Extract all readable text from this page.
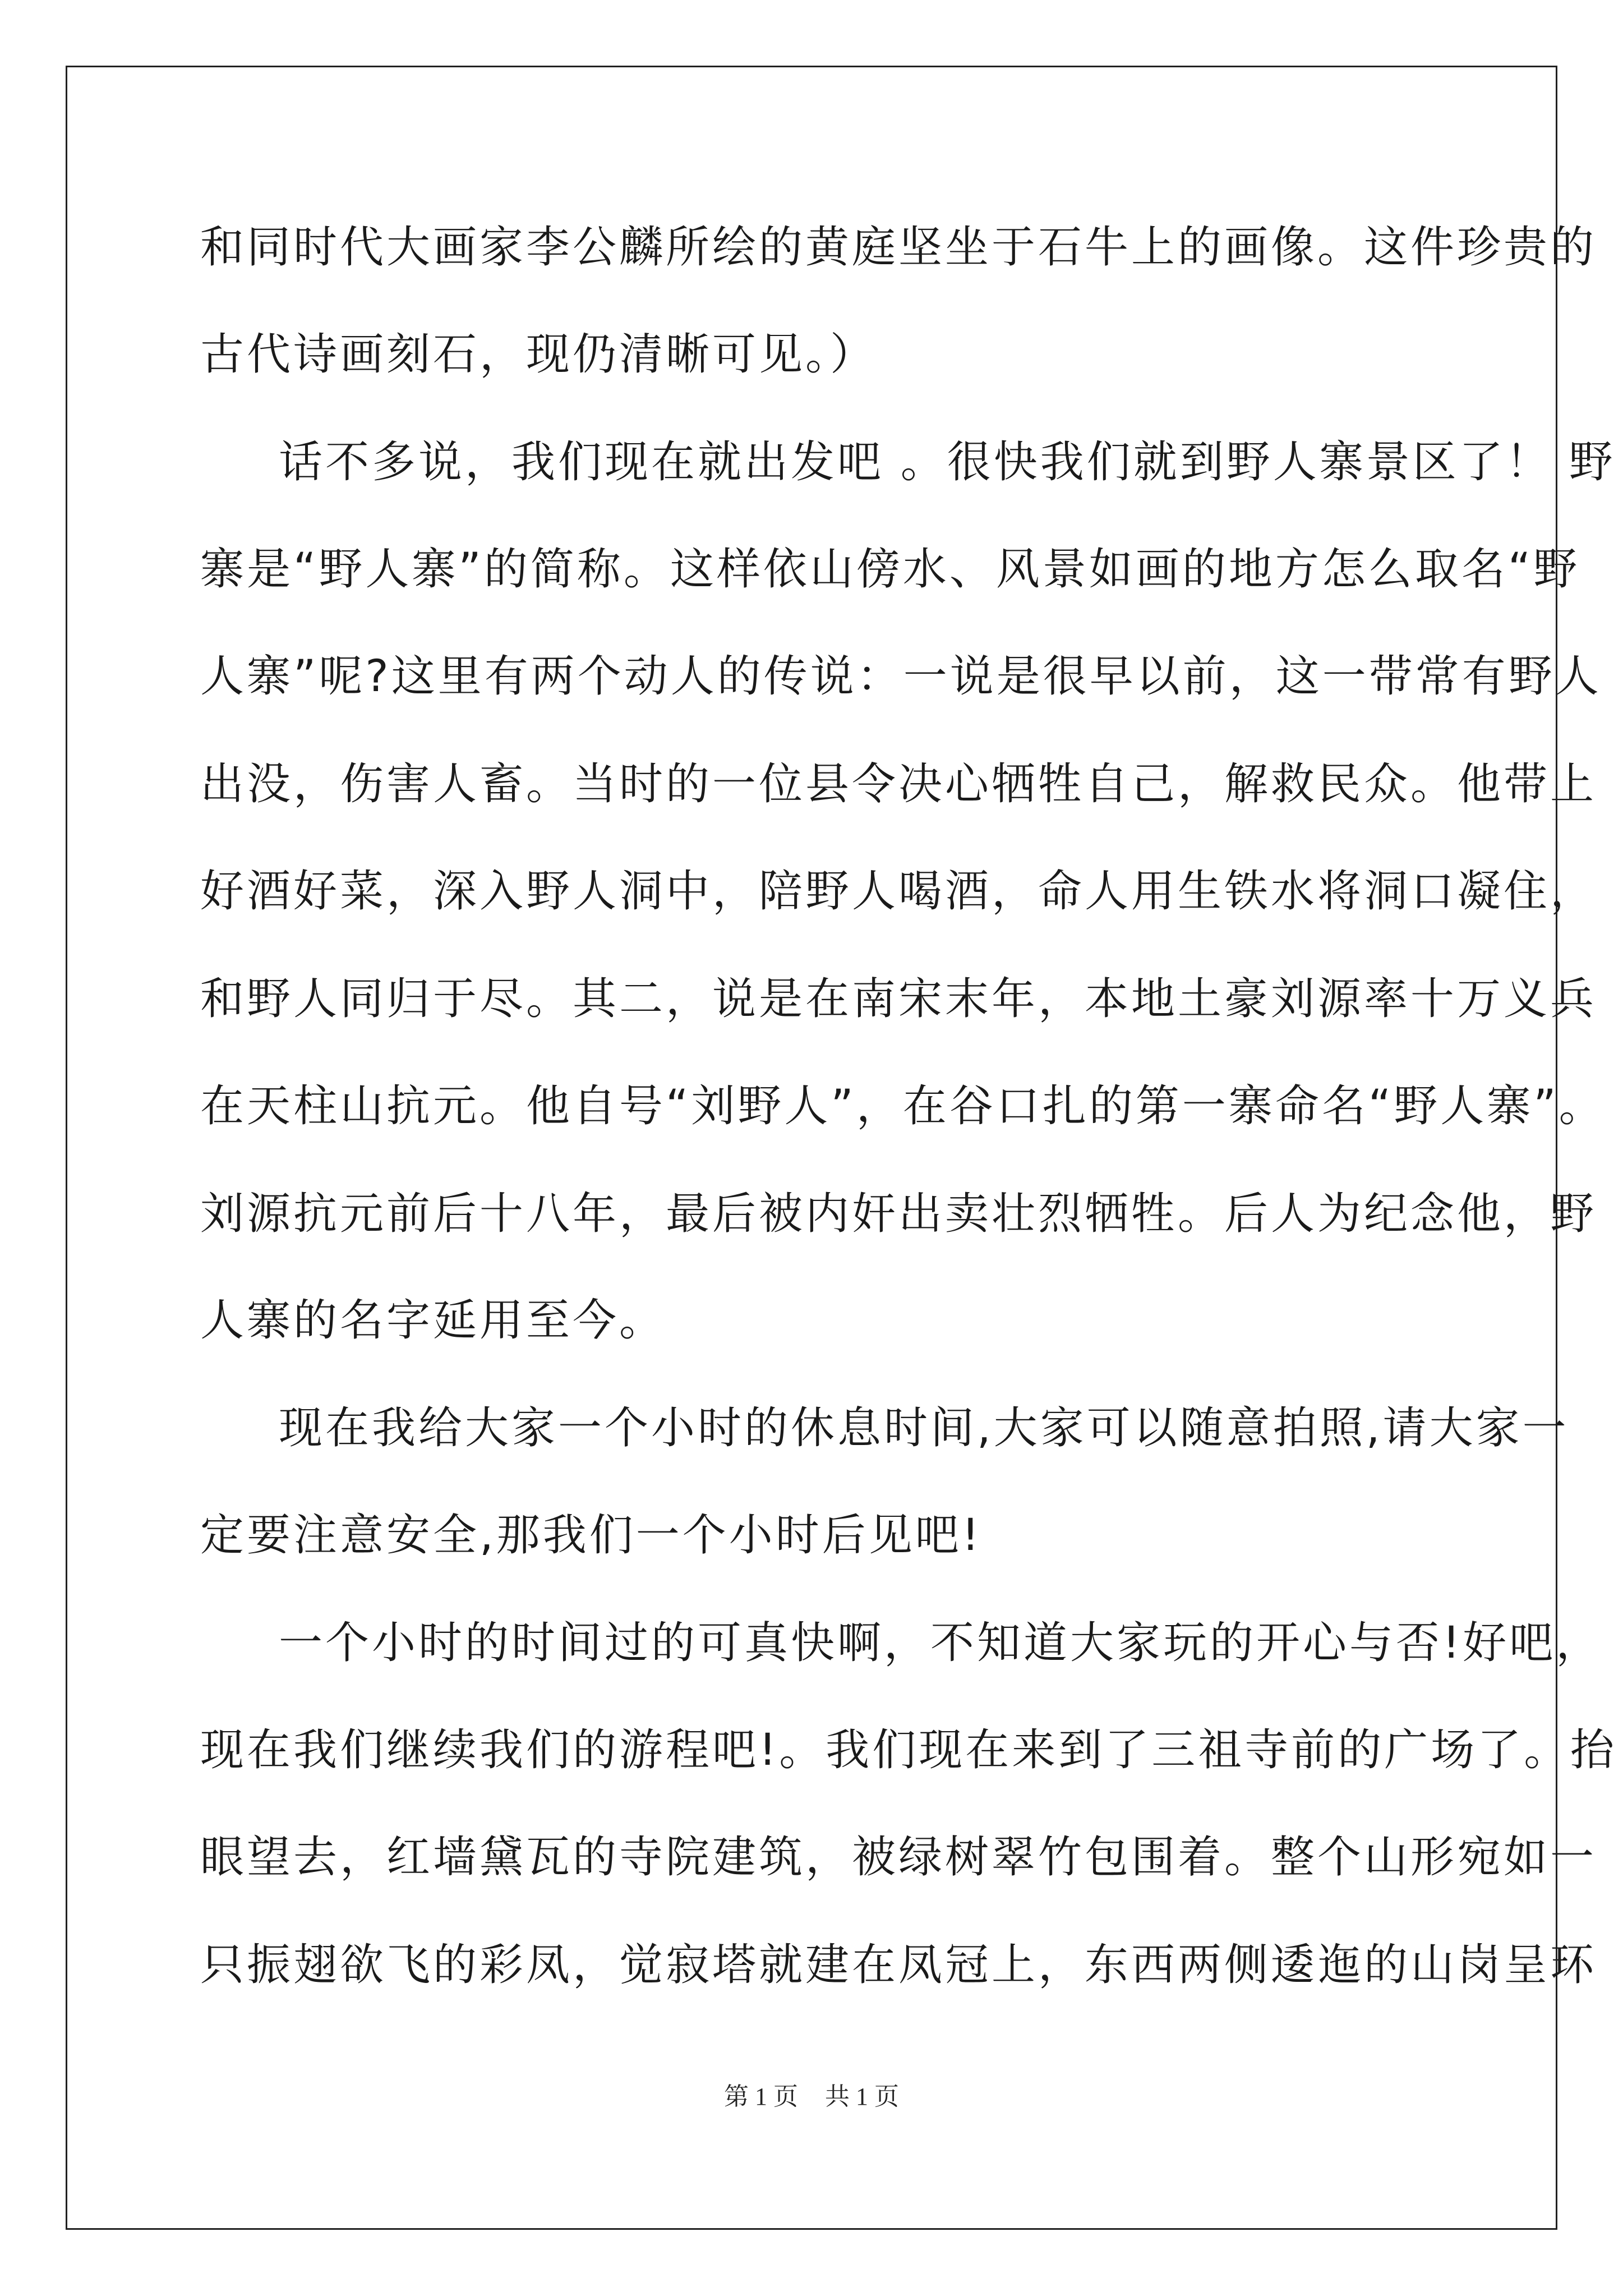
和同时代大画家李公麟所绘的黄庭坚坐于石牛上的画像。这件珍贵的
古代诗画刻石，现仍清晰可见。）
话不多说，我们现在就出发吧 。很快我们就到野人寨景区了！ 野
寨是“野人寨”的简称。这样依山傍水、风景如画的地方怎么取名“野
人寨”呢?这里有两个动人的传说：一说是很早以前，这一带常有野人
出没，伤害人畜。当时的一位县令决心牺牲自己，解救民众。他带上
好酒好菜，深入野人洞中，陪野人喝酒，命人用生铁水将洞口凝住，
和野人同归于尽。其二，说是在南宋末年，本地土豪刘源率十万义兵
在天柱山抗元。他自号“刘野人”，在谷口扎的第一寨命名“野人寨”。
刘源抗元前后十八年，最后被内奸出卖壮烈牺牲。后人为纪念他，野
人寨的名字延用至今。
现在我给大家一个小时的休息时间,大家可以随意拍照,请大家一
定要注意安全,那我们一个小时后见吧!
一个小时的时间过的可真快啊，不知道大家玩的开心与否!好吧，
现在我们继续我们的游程吧!。我们现在来到了三祖寺前的广场了。抬
眼望去，红墙黛瓦的寺院建筑，被绿树翠竹包围着。整个山形宛如一
只振翅欲飞的彩凤，觉寂塔就建在凤冠上，东西两侧逶迤的山岗呈环
第 1 页 共 1 页
